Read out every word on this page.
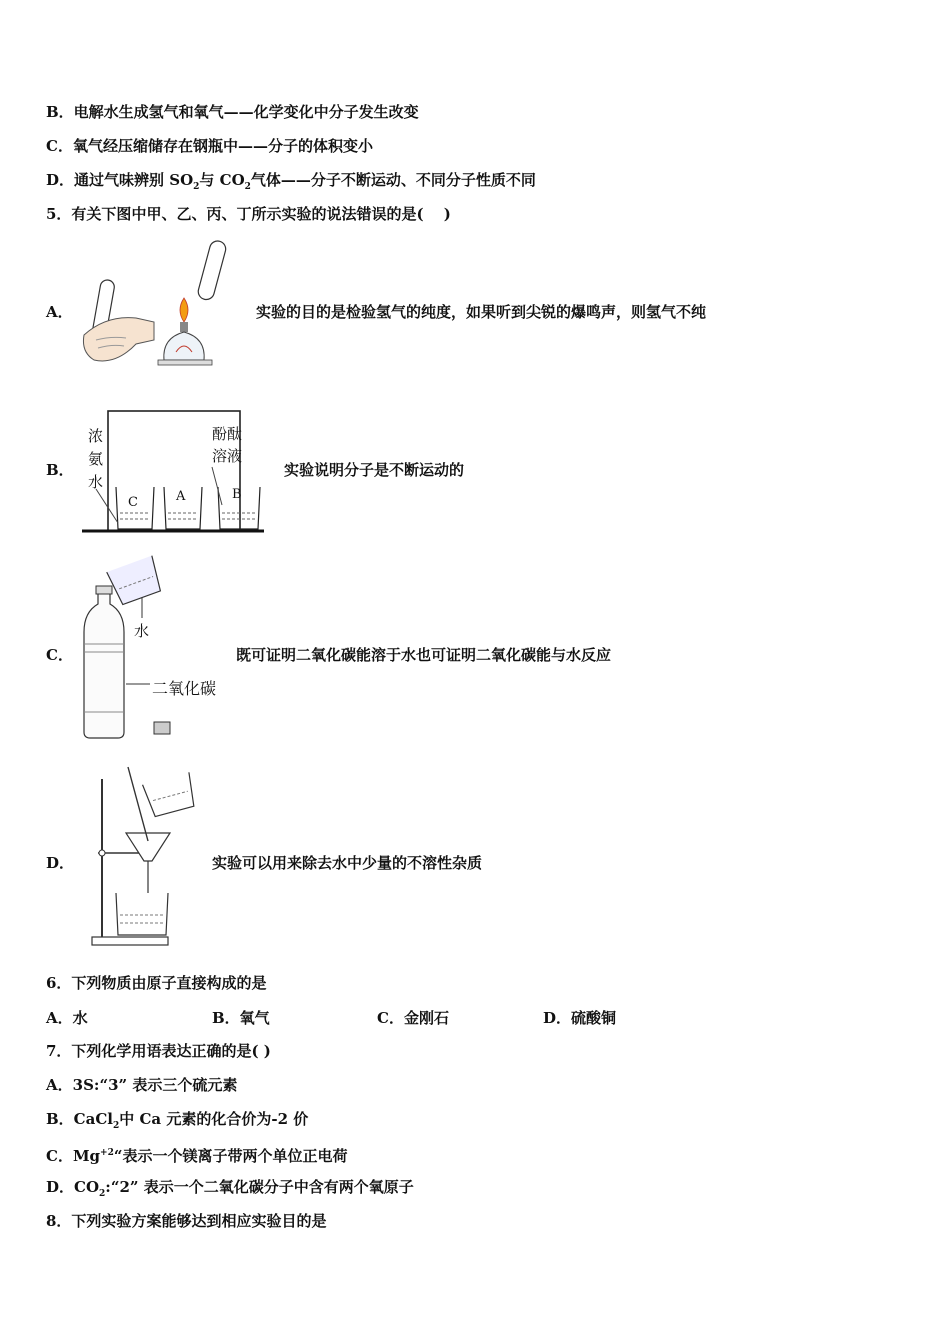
B．电解水生成氢气和氧气——化学变化中分子发生改变
C．氧气经压缩储存在钢瓶中——分子的体积变小
D．通过气味辨别 $SO_2$与 $CO_2$气体——分子不断运动、不同分子性质不同
5．有关下图中甲、乙、丙、丁所示实验的说法错误的是(　 )
A．	实验的目的是检验氢气的纯度，如果听到尖锐的爆鸣声，则氢气不纯
B．
浓
氨
水
酚酞
溶液
C	A	B
实验说明分子是不断运动的
C．
水
二氧化碳
既可证明二氧化碳能溶于水也可证明二氧化碳能与水反应
D．	实验可以用来除去水中少量的不溶性杂质
6．下列物质由原子直接构成的是
A．水	B．氧气	C．金刚石	D．硫酸铜
7．下列化学用语表达正确的是( )
A．3S:“3” 表示三个硫元素
B．CaCl$_2$中 Ca 元素的化合价为-2 价
C．$Mg^{+2}“$表示一个镁离子带两个单位正电荷
D．$CO_2:“2$” 表示一个二氧化碳分子中含有两个氧原子
8．下列实验方案能够达到相应实验目的是
